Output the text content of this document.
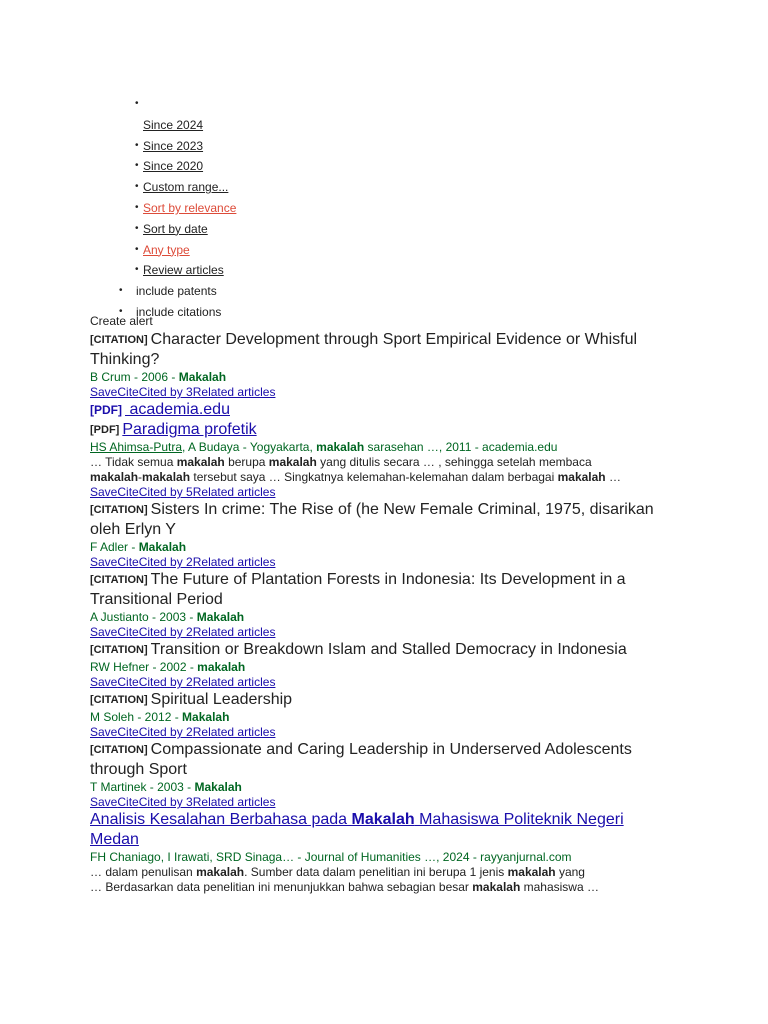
•
Since 2024
• Since 2023
• Since 2020
• Custom range...
• Sort by relevance
• Sort by date
• Any type
• Review articles
• include patents
• include citations
Create alert
[CITATION] Character Development through Sport Empirical Evidence or Whisful Thinking?
B Crum - 2006 - Makalah
SaveCiteCited by 3Related articles
[PDF] academia.edu
[PDF] Paradigma profetik
HS Ahimsa-Putra, A Budaya - Yogyakarta, makalah sarasehan …, 2011 - academia.edu
… Tidak semua makalah berupa makalah yang ditulis secara … , sehingga setelah membaca
makalah-makalah tersebut saya … Singkatnya kelemahan-kelemahan dalam berbagai makalah …
SaveCiteCited by 5Related articles
[CITATION] Sisters In crime: The Rise of (he New Female Criminal, 1975, disarikan oleh Erlyn Y
F Adler - Makalah
SaveCiteCited by 2Related articles
[CITATION] The Future of Plantation Forests in Indonesia: Its Development in a Transitional Period
A Justianto - 2003 - Makalah
SaveCiteCited by 2Related articles
[CITATION] Transition or Breakdown Islam and Stalled Democracy in Indonesia
RW Hefner - 2002 - makalah
SaveCiteCited by 2Related articles
[CITATION] Spiritual Leadership
M Soleh - 2012 - Makalah
SaveCiteCited by 2Related articles
[CITATION] Compassionate and Caring Leadership in Underserved Adolescents through Sport
T Martinek - 2003 - Makalah
SaveCiteCited by 3Related articles
Analisis Kesalahan Berbahasa pada Makalah Mahasiswa Politeknik Negeri Medan
FH Chaniago, I Irawati, SRD Sinaga… - Journal of Humanities …, 2024 - rayyanjurnal.com
… dalam penulisan makalah. Sumber data dalam penelitian ini berupa 1 jenis makalah yang
… Berdasarkan data penelitian ini menunjukkan bahwa sebagian besar makalah mahasiswa …
